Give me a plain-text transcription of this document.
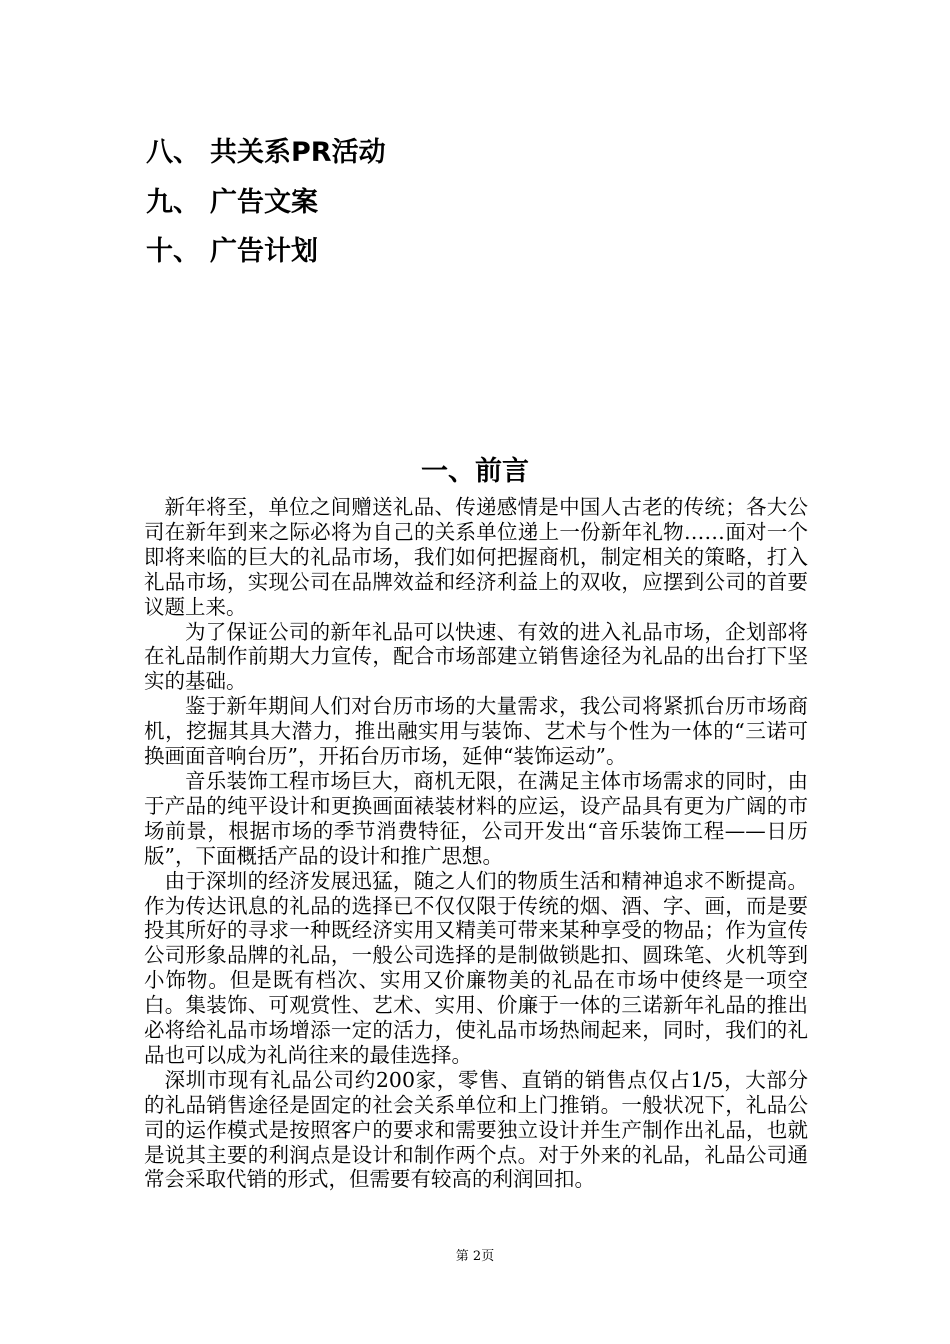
八、 共关系PR活动
九、 广告文案
十、 广告计划
一、前言

新年将至，单位之间赠送礼品、传递感情是中国人古老的传统；各大公司在新年到来之际必将为自己的关系单位递上一份新年礼物……面对一个即将来临的巨大的礼品市场，我们如何把握商机，制定相关的策略，打入礼品市场，实现公司在品牌效益和经济利益上的双收，应摆到公司的首要议题上来。

为了保证公司的新年礼品可以快速、有效的进入礼品市场，企划部将在礼品制作前期大力宣传，配合市场部建立销售途径为礼品的出台打下坚实的基础。

鉴于新年期间人们对台历市场的大量需求，我公司将紧抓台历市场商机，挖掘其具大潜力，推出融实用与装饰、艺术与个性为一体的“三诺可换画面音响台历”，开拓台历市场，延伸“装饰运动”。

音乐装饰工程市场巨大，商机无限，在满足主体市场需求的同时，由于产品的纯平设计和更换画面裱装材料的应运，设产品具有更为广阔的市场前景，根据市场的季节消费特征，公司开发出“音乐装饰工程——日历版”，下面概括产品的设计和推广思想。

由于深圳的经济发展迅猛，随之人们的物质生活和精神追求不断提高。作为传达讯息的礼品的选择已不仅仅限于传统的烟、酒、字、画，而是要投其所好的寻求一种既经济实用又精美可带来某种享受的物品；作为宣传公司形象品牌的礼品，一般公司选择的是制做锁匙扣、圆珠笔、火机等到小饰物。但是既有档次、实用又价廉物美的礼品在市场中使终是一项空白。集装饰、可观赏性、艺术、实用、价廉于一体的三诺新年礼品的推出必将给礼品市场增添一定的活力，使礼品市场热闹起来，同时，我们的礼品也可以成为礼尚往来的最佳选择。

深圳市现有礼品公司约200家，零售、直销的销售点仅占1/5，大部分的礼品销售途径是固定的社会关系单位和上门推销。一般状况下，礼品公司的运作模式是按照客户的要求和需要独立设计并生产制作出礼品，也就是说其主要的利润点是设计和制作两个点。对于外来的礼品，礼品公司通常会采取代销的形式，但需要有较高的利润回扣。

第 2页
